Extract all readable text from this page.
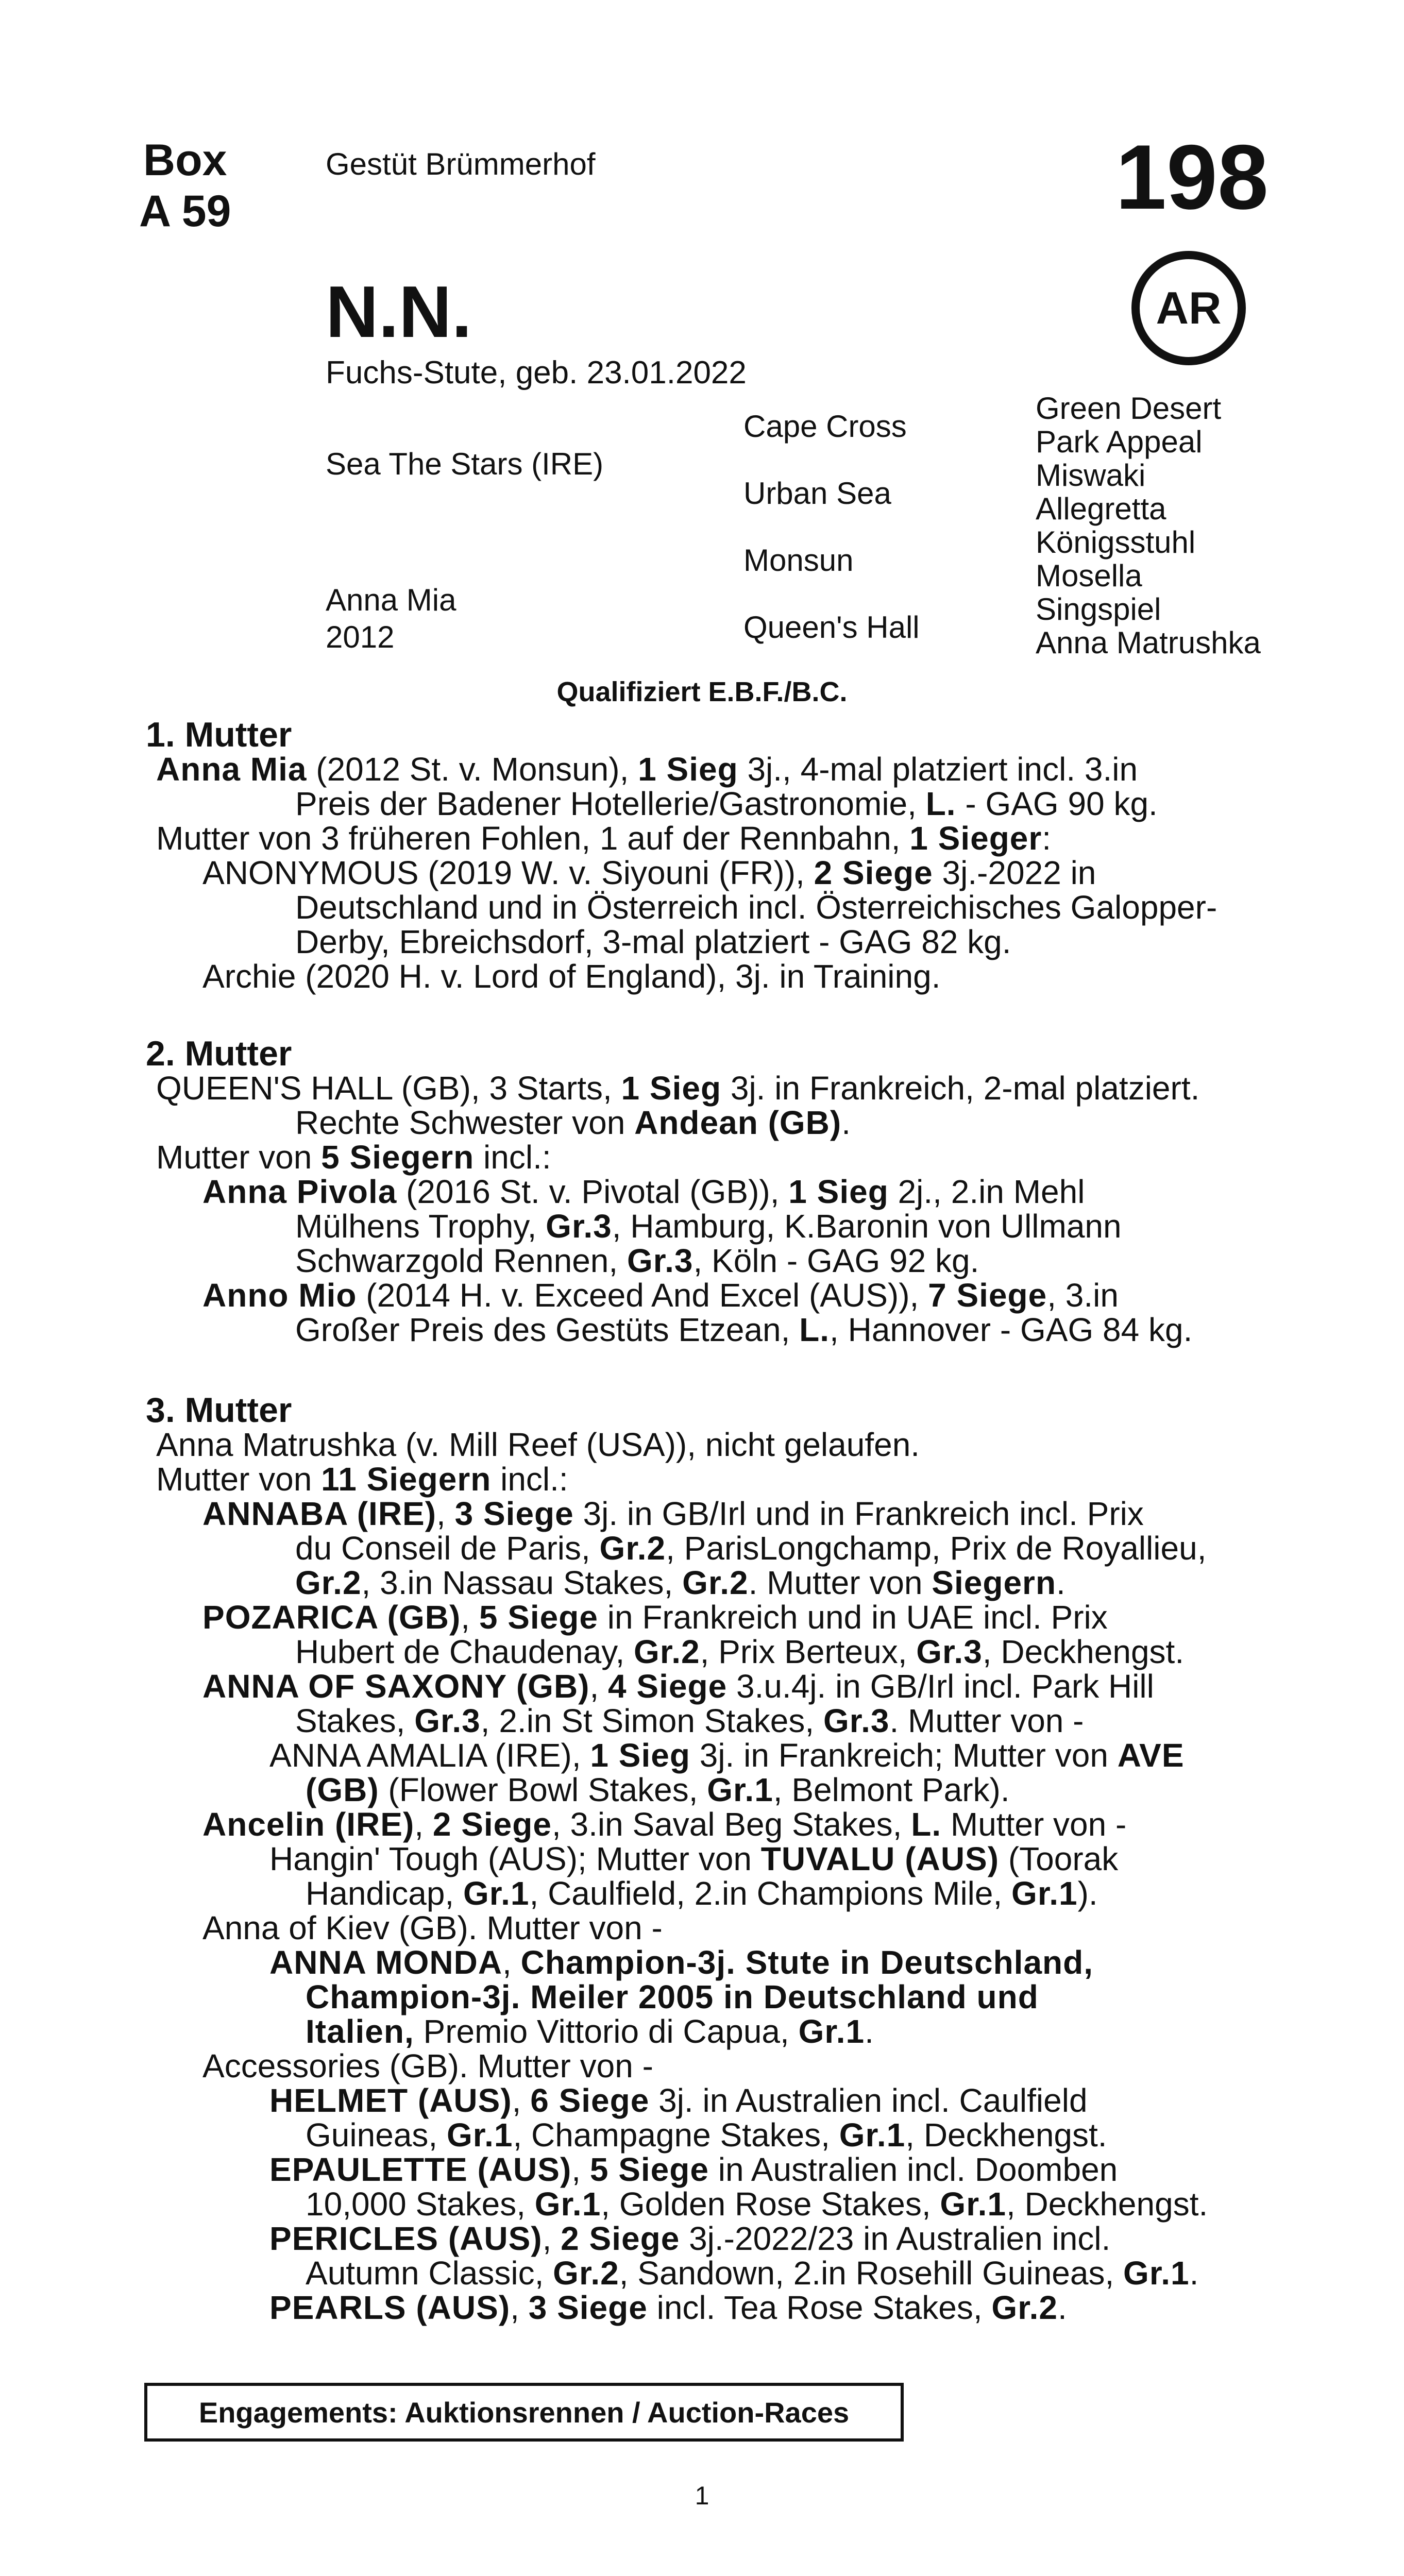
Box
A 59
Gestüt Brümmerhof	198
AR
N.N.
Fuchs-Stute, geb. 23.01.2022
Sea The Stars (IRE)
Anna Mia
2012
Cape Cross
Urban Sea
Monsun
Queen's Hall
Green Desert
Park Appeal
Miswaki
Allegretta
Königsstuhl
Mosella
Singspiel
Anna Matrushka
Qualifiziert E.B.F./B.C.
1. Mutter
Anna Mia (2012 St. v. Monsun), 1 Sieg 3j., 4-mal platziert incl. 3.in
Preis der Badener Hotellerie/Gastronomie, L. - GAG 90 kg.
Mutter von 3 früheren Fohlen, 1 auf der Rennbahn, 1 Sieger:
ANONYMOUS (2019 W. v. Siyouni (FR)), 2 Siege 3j.-2022 in
Deutschland und in Österreich incl. Österreichisches Galopper-
Derby, Ebreichsdorf, 3-mal platziert - GAG 82 kg.
Archie (2020 H. v. Lord of England), 3j. in Training.
2. Mutter
QUEEN'S HALL (GB), 3 Starts, 1 Sieg 3j. in Frankreich, 2-mal platziert.
Rechte Schwester von Andean (GB).
Mutter von 5 Siegern incl.:
Anna Pivola (2016 St. v. Pivotal (GB)), 1 Sieg 2j., 2.in Mehl
Mülhens Trophy, Gr.3, Hamburg, K.Baronin von Ullmann
Schwarzgold Rennen, Gr.3, Köln - GAG 92 kg.
Anno Mio (2014 H. v. Exceed And Excel (AUS)), 7 Siege, 3.in
Großer Preis des Gestüts Etzean, L., Hannover - GAG 84 kg.
3. Mutter
Anna Matrushka (v. Mill Reef (USA)), nicht gelaufen.
Mutter von 11 Siegern incl.:
ANNABA (IRE), 3 Siege 3j. in GB/Irl und in Frankreich incl. Prix
du Conseil de Paris, Gr.2, ParisLongchamp, Prix de Royallieu,
Gr.2, 3.in Nassau Stakes, Gr.2. Mutter von Siegern.
POZARICA (GB), 5 Siege in Frankreich und in UAE incl. Prix
Hubert de Chaudenay, Gr.2, Prix Berteux, Gr.3, Deckhengst.
ANNA OF SAXONY (GB), 4 Siege 3.u.4j. in GB/Irl incl. Park Hill
Stakes, Gr.3, 2.in St Simon Stakes, Gr.3. Mutter von -
ANNA AMALIA (IRE), 1 Sieg 3j. in Frankreich; Mutter von AVE
(GB) (Flower Bowl Stakes, Gr.1, Belmont Park).
Ancelin (IRE), 2 Siege, 3.in Saval Beg Stakes, L. Mutter von -
Hangin' Tough (AUS); Mutter von TUVALU (AUS) (Toorak
Handicap, Gr.1, Caulfield, 2.in Champions Mile, Gr.1).
Anna of Kiev (GB). Mutter von -
ANNA MONDA, Champion-3j. Stute in Deutschland,
Champion-3j. Meiler 2005 in Deutschland und
Italien, Premio Vittorio di Capua, Gr.1.
Accessories (GB). Mutter von -
HELMET (AUS), 6 Siege 3j. in Australien incl. Caulfield
Guineas, Gr.1, Champagne Stakes, Gr.1, Deckhengst.
EPAULETTE (AUS), 5 Siege in Australien incl. Doomben
10,000 Stakes, Gr.1, Golden Rose Stakes, Gr.1, Deckhengst.
PERICLES (AUS), 2 Siege 3j.-2022/23 in Australien incl.
Autumn Classic, Gr.2, Sandown, 2.in Rosehill Guineas, Gr.1.
PEARLS (AUS), 3 Siege incl. Tea Rose Stakes, Gr.2.
Engagements: Auktionsrennen / Auction-Races
1
